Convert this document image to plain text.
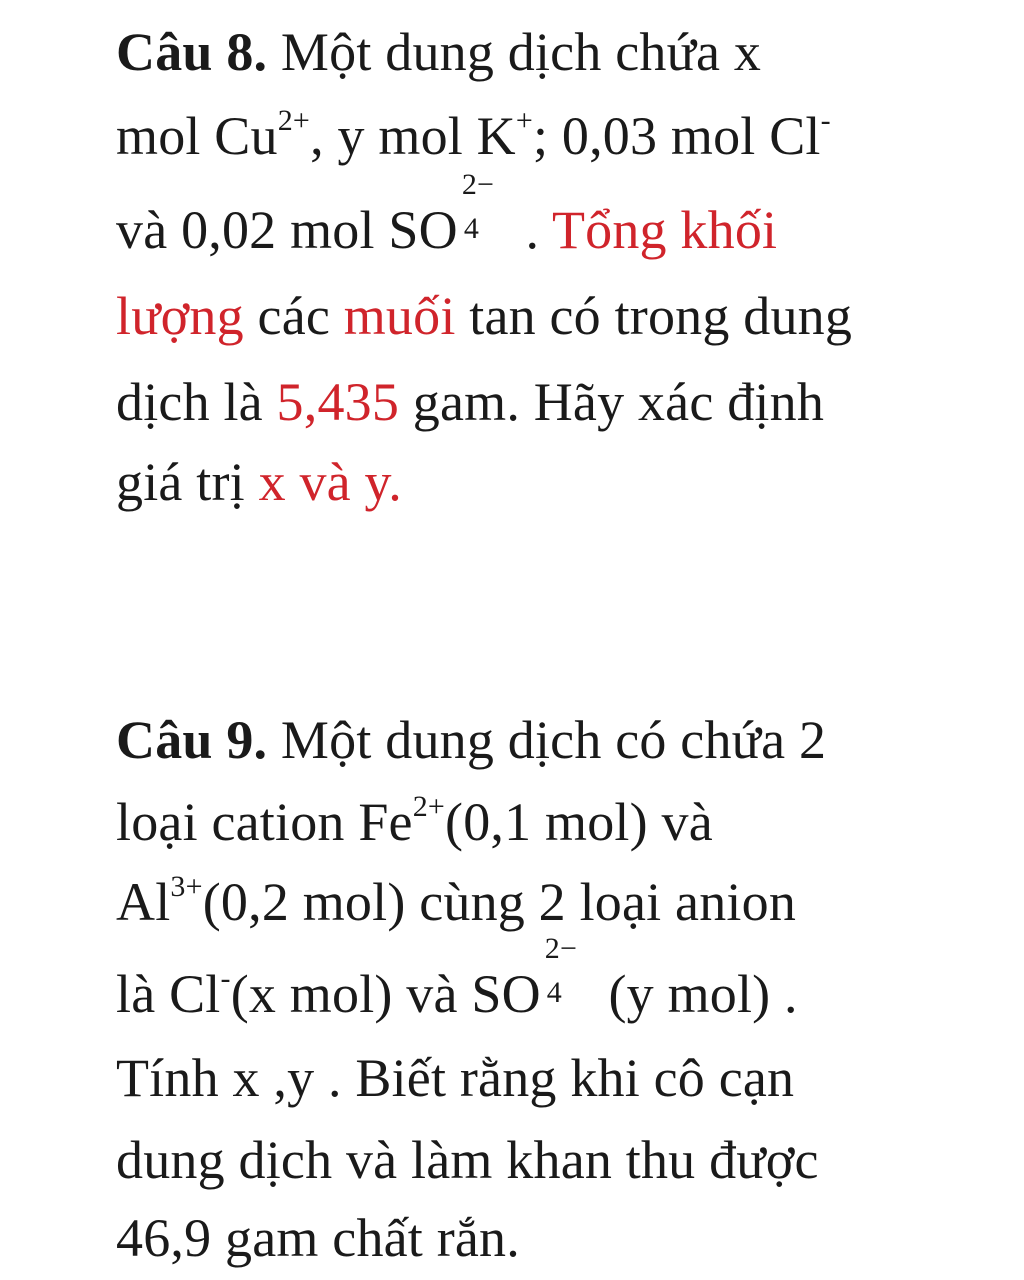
Câu 8. Một dung dịch chứa x
mol $Cu^{2+}$, y mol K+; 0,03 mol Cl-
và 0,02 mol SO
2−
4 . Tổng khối
lượng các muối tan có trong dung
dịch là 5,435 gam. Hãy xác định
giá trị x và y.
Câu 9. Một dung dịch có chứa 2
loại cation $Fe^{2+}(0,1$ mol) và
$Al^{3+}(0,2$ mol) cùng 2 loại anion
là Cl-(x mol) và SO
2−
4 (y mol) .
Tính x ,y . Biết rằng khi cô cạn
dung dịch và làm khan thu được
46,9 gam chất rắn.
